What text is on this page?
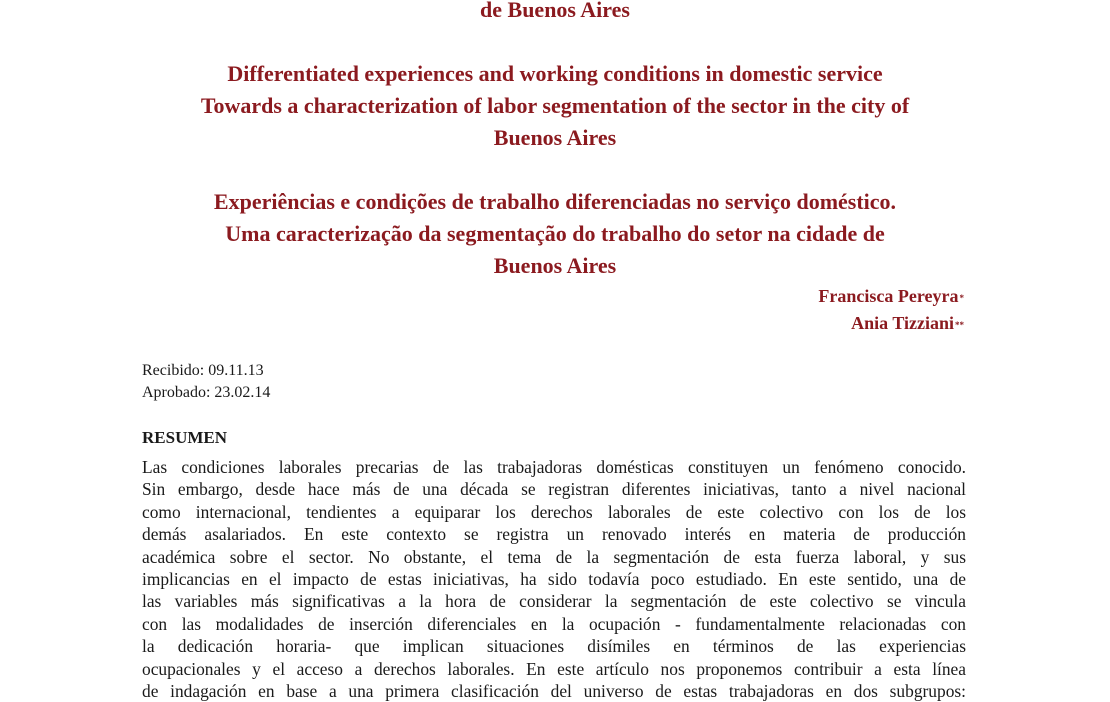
de Buenos Aires
Differentiated experiences and working conditions in domestic service
Towards a characterization of labor segmentation of the sector in the city of
Buenos Aires
Experiências e condições de trabalho diferenciadas no serviço doméstico.
Uma caracterização da segmentação do trabalho do setor na cidade de
Buenos Aires
Francisca Pereyra*
Ania Tizziani**
Recibido: 09.11.13
Aprobado: 23.02.14
RESUMEN
Las condiciones laborales precarias de las trabajadoras domésticas constituyen un fenómeno conocido.
Sin embargo, desde hace más de una década se registran diferentes iniciativas, tanto a nivel nacional
como internacional, tendientes a equiparar los derechos laborales de este colectivo con los de los
demás asalariados. En este contexto se registra un renovado interés en materia de producción
académica sobre el sector. No obstante, el tema de la segmentación de esta fuerza laboral, y sus
implicancias en el impacto de estas iniciativas, ha sido todavía poco estudiado. En este sentido, una de
las variables más significativas a la hora de considerar la segmentación de este colectivo se vincula
con las modalidades de inserción diferenciales en la ocupación - fundamentalmente relacionadas con
la dedicación horaria- que implican situaciones disímiles en términos de las experiencias
ocupacionales y el acceso a derechos laborales. En este artículo nos proponemos contribuir a esta línea
de indagación en base a una primera clasificación del universo de estas trabajadoras en dos subgrupos:
